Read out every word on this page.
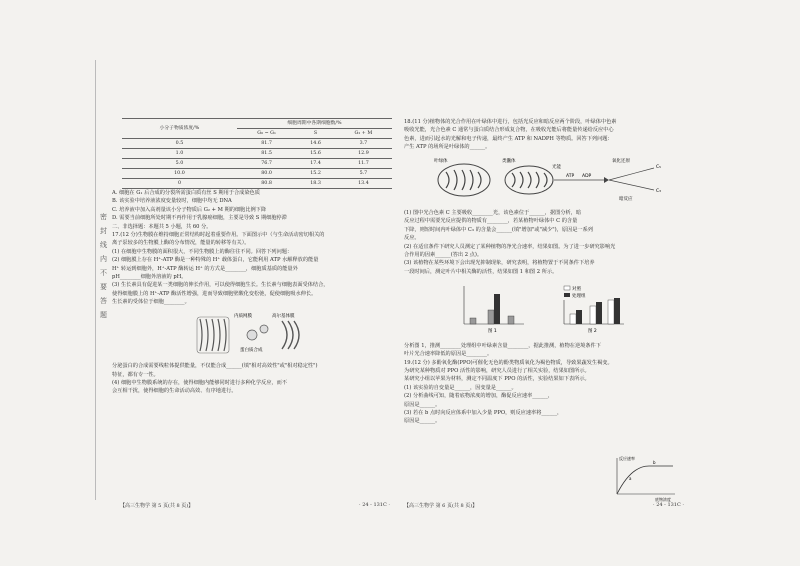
密
封
线
内
不
要
答
题
小分子物质浓度/%	细胞周期中各期细胞数/%		
	G₀ ~ G₁	S	G₂ + M
0.5	81.7	14.6	3.7
1.0	81.5	15.6	12.9
5.0	76.7	17.4	11.7
10.0	80.0	15.2	5.7
0	80.8	18.3	13.4
A. 细胞在 G₁ 后合成的分裂所需蛋白质有丝 S 期用于合成染色质
B. 该实验中培养液浓度变量较时，细胞中均无 DNA
C. 培养液中加入高剂量该小分子物质后 G₂ + M 期的细胞比例下降
D. 需要当前细胞所处时期不再作用于乳腺癌细胞，主要是导致 S 期细胞停滞
二、非选择题：本题共 5 小题，共 60 分。
17.(12 分)生物膜在维持细胞正常结构时起着重要作用。下面图示中（与生命活动密切相关的
离子泵较多的生物膜上酶的分布情况，能量的转移等有关）。
(1) 在细胞中生物膜的面积很大，不同生物膜上的酶往往不同。回答下列问题：
(2) 细胞膜上存在 H⁺-ATP 酶是一种特殊的 H⁺ 载体蛋白，它能利用 ATP 水解释放的能量
H⁺ 转运到细胞外，H⁺-ATP 酶转运 H⁺ 的方式是________，细胞质基质的能量外
pH________细胞外溶液的 pH。
(3) 生长素具有促进某一类细胞的伸长作用，可以使得细胞生长。生长素与细胞表面受体结合，
使得细胞膜上的 H⁺-ATP 酶活性增强，进而导致细胞壁酸化变松弛，促使细胞吸水伸长。
生长素的受体位于细胞________。
内质网膜
蛋白质合成
高尔基体膜
分泌蛋白的合成需要线粒体提供能量，不仅能合成______(填"相对高效性"或"相对稳定性")
特征，都有专一性。
(4) 细胞中生物膜系统的存在，使得细胞内能够同时进行多种化学反应，而不
会互相干扰，使得细胞的生命活动高效、有序地进行。
18.(11 分)植物体的光合作用在叶绿体中进行，包括光反应和暗反应两个阶段，叶绿体中色素
吸收光能，光合色素 C 通常与蛋白质结合形成复合物，在吸收光能后将能量传递给反应中心
色素，进而引起水的光解和电子传递，最终产生 ATP 和 NADPH 等物质。回答下列问题：
产生 ATP 的场所是叶绿体的______。
叶绿体	类囊体
光能
ATP ADP
C₅
C₃
暗反应
氧化还原
(1) 图中光合色素 C 主要吸收________光，该色素位于______，据图分析，暗
反应过程中需要光反应提供的物质有________，若某植物叶绿体中 C 的含量
下降，则短时间内叶绿体中 C₃ 的含量会______(填"增加"或"减少")，原因是一系列
反应。
(2) 在适宜条件下研究人员测定了某种植物的净光合速率，结果如图。为了进一步研究影响光
合作用的因素______(答出 2 点)。
(3) 该植物在某些环境下会出现光抑制现象，研究表明，将植物置于不同条件下培养
一段时间后，测定叶片中相关酶的活性，结果如图 1 和图 2 所示。
图 1
对照
处理组
图 2
分析图 1，推测________处理组中叶绿素含量________，据此推测，植物在逆境条件下
叶片光合速率降低的原因是________。
19.(12 分) 多酚氧化酶(PPO)可催化无色的酚类物质氧化为褐色物质，导致果蔬发生褐变。
为研究某种物质对 PPO 活性的影响，研究人员进行了相关实验，结果如图所示。
某研究小组以苹果为材料，测定不同温度下 PPO 的活性，实验结果如下表所示。
(1) 该实验的自变量是______，因变量是______。
(2) 分析曲线可知，随着底物浓度的增加，酶促反应速率______，
原因是______。
(3) 若在 b 点时向反应体系中加入少量 PPO，则反应速率将______，
原因是______。
反应速率
底物浓度
a
b
【高三生物学 第 5 页(共 8 页)】	· 24 - 131C ·	【高三生物学 第 6 页(共 8 页)】	· 24 - 131C ·
